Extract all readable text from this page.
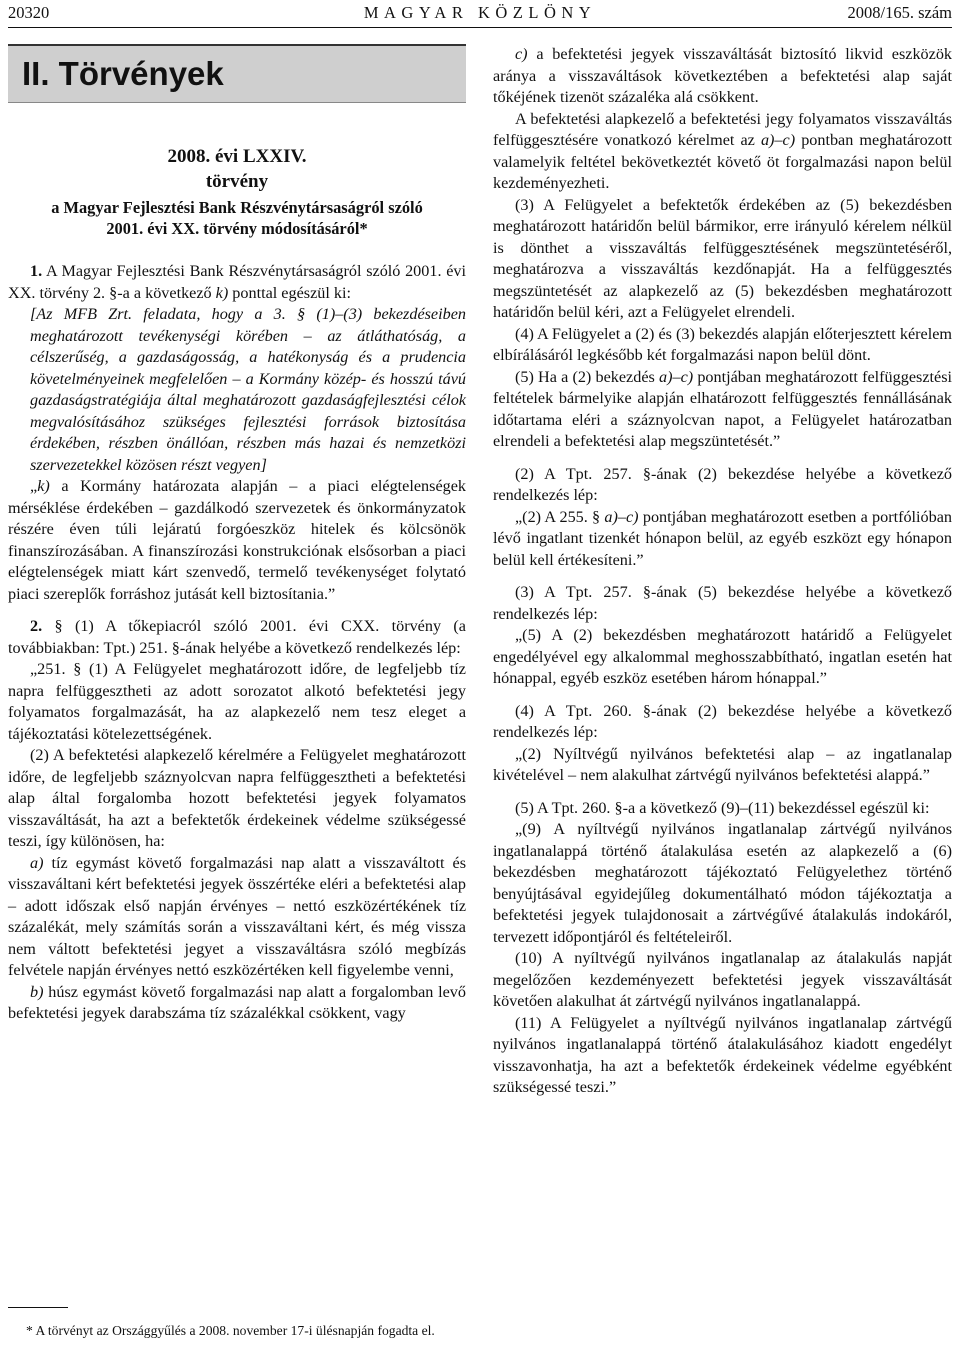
20320	MAGYAR KÖZLÖNY	2008/165. szám
II. Törvények
2008. évi LXXIV.
törvény
a Magyar Fejlesztési Bank Részvénytársaságról szóló
2001. évi XX. törvény módosításáról*

1. A Magyar Fejlesztési Bank Részvénytársaságról szóló 2001. évi XX. törvény 2. §-a a következő k) ponttal egészül ki:

[Az MFB Zrt. feladata, hogy a 3. § (1)–(3) bekezdéseiben meghatározott tevékenységi körében – az átláthatóság, a célszerűség, a gazdaságosság, a hatékonyság és a prudencia követelményeinek megfelelően – a Kormány közép- és hosszú távú gazdaságstratégiája által meghatározott gazdaságfejlesztési célok megvalósításához szükséges fejlesztési források biztosítása érdekében, részben önállóan, részben más hazai és nemzetközi szervezetekkel közösen részt vegyen]

„k) a Kormány határozata alapján – a piaci elégtelenségek mérséklése érdekében – gazdálkodó szervezetek és önkormányzatok részére éven túli lejáratú forgóeszköz hitelek és kölcsönök finanszírozásában. A finanszírozási konstrukciónak elsősorban a piaci elégtelenségek miatt kárt szenvedő, termelő tevékenységet folytató piaci szereplők forráshoz jutását kell biztosítania.”

2. § (1) A tőkepiacról szóló 2001. évi CXX. törvény (a továbbiakban: Tpt.) 251. §-ának helyébe a következő rendelkezés lép:

„251. § (1) A Felügyelet meghatározott időre, de legfeljebb tíz napra felfüggesztheti az adott sorozatot alkotó befektetési jegy folyamatos forgalmazását, ha az alapkezelő nem tesz eleget a tájékoztatási kötelezettségének.

(2) A befektetési alapkezelő kérelmére a Felügyelet meghatározott időre, de legfeljebb száznyolcvan napra felfüggesztheti a befektetési alap által forgalomba hozott befektetési jegyek folyamatos visszaváltását, ha azt a befektetők érdekeinek védelme szükségessé teszi, így különösen, ha:

a) tíz egymást követő forgalmazási nap alatt a visszaváltott és visszaváltani kért befektetési jegyek összértéke eléri a befektetési alap – adott időszak első napján érvényes – nettó eszközértékének tíz százalékát, mely számítás során a visszaváltani kért, és még vissza nem váltott befektetési jegyet a visszaváltásra szóló megbízás felvétele napján érvényes nettó eszközértéken kell figyelembe venni,

b) húsz egymást követő forgalmazási nap alatt a forgalomban levő befektetési jegyek darabszáma tíz százalékkal csökkent, vagy

c) a befektetési jegyek visszaváltását biztosító likvid eszközök aránya a visszaváltások következtében a befektetési alap saját tőkéjének tizenöt százaléka alá csökkent.

A befektetési alapkezelő a befektetési jegy folyamatos visszaváltás felfüggesztésére vonatkozó kérelmet az a)–c) pontban meghatározott valamelyik feltétel bekövetkeztét követő öt forgalmazási napon belül kezdeményezheti.

(3) A Felügyelet a befektetők érdekében az (5) bekezdésben meghatározott határidőn belül bármikor, erre irányuló kérelem nélkül is dönthet a visszaváltás felfüggesztésének megszüntetéséről, meghatározva a visszaváltás kezdőnapját. Ha a felfüggesztés megszüntetését az alapkezelő az (5) bekezdésben meghatározott határidőn belül kéri, azt a Felügyelet elrendeli.

(4) A Felügyelet a (2) és (3) bekezdés alapján előterjesztett kérelem elbírálásáról legkésőbb két forgalmazási napon belül dönt.

(5) Ha a (2) bekezdés a)–c) pontjában meghatározott felfüggesztési feltételek bármelyike alapján elhatározott felfüggesztés fennállásának időtartama eléri a száznyolcvan napot, a Felügyelet határozatban elrendeli a befektetési alap megszüntetését.”

(2) A Tpt. 257. §-ának (2) bekezdése helyébe a következő rendelkezés lép:

„(2) A 255. § a)–c) pontjában meghatározott esetben a portfólióban lévő ingatlant tizenkét hónapon belül, az egyéb eszközt egy hónapon belül kell értékesíteni.”

(3) A Tpt. 257. §-ának (5) bekezdése helyébe a következő rendelkezés lép:

„(5) A (2) bekezdésben meghatározott határidő a Felügyelet engedélyével egy alkalommal meghosszabbítható, ingatlan esetén hat hónappal, egyéb eszköz esetében három hónappal.”

(4) A Tpt. 260. §-ának (2) bekezdése helyébe a következő rendelkezés lép:

„(2) Nyíltvégű nyilvános befektetési alap – az ingatlanalap kivételével – nem alakulhat zártvégű nyilvános befektetési alappá.”

(5) A Tpt. 260. §-a a következő (9)–(11) bekezdéssel egészül ki:

„(9) A nyíltvégű nyilvános ingatlanalap zártvégű nyilvános ingatlanalappá történő átalakulása esetén az alapkezelő a (6) bekezdésben meghatározott tájékoztató Felügyelethez történő benyújtásával egyidejűleg dokumentálható módon tájékoztatja a befektetési jegyek tulajdonosait a zártvégűvé átalakulás indokáról, tervezett időpontjáról és feltételeiről.

(10) A nyíltvégű nyilvános ingatlanalap az átalakulás napját megelőzően kezdeményezett befektetési jegyek visszaváltását követően alakulhat át zártvégű nyilvános ingatlanalappá.

(11) A Felügyelet a nyíltvégű nyilvános ingatlanalap zártvégű nyilvános ingatlanalappá történő átalakulásához kiadott engedélyt visszavonhatja, ha azt a befektetők érdekeinek védelme egyébként szükségessé teszi.”

* A törvényt az Országgyűlés a 2008. november 17-i ülésnapján fogadta el.
